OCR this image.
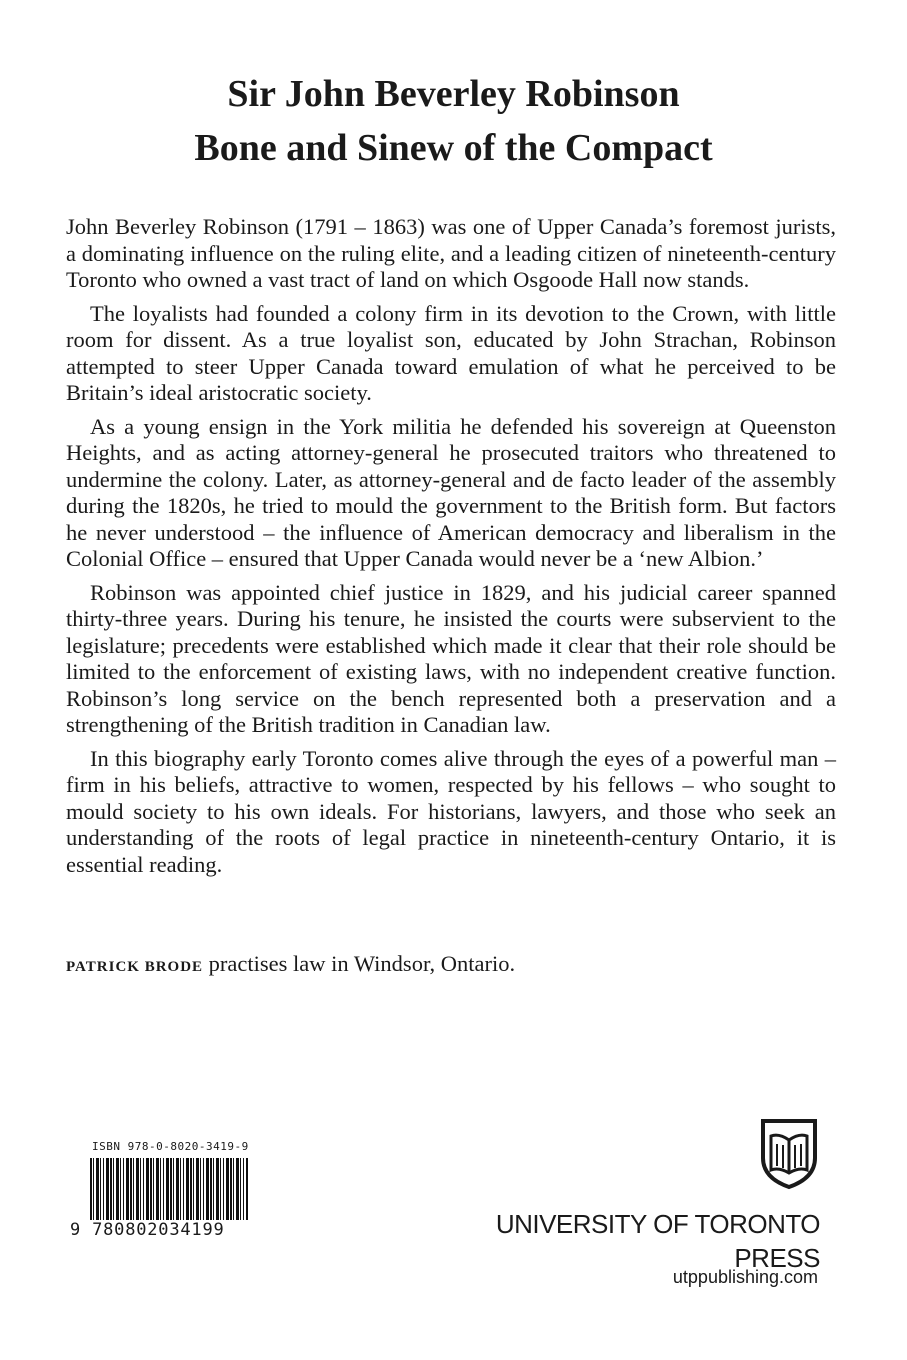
Sir John Beverley Robinson
Bone and Sinew of the Compact

John Beverley Robinson (1791 – 1863) was one of Upper Canada’s foremost jurists, a dominating influence on the ruling elite, and a leading citizen of nineteenth-century Toronto who owned a vast tract of land on which Osgoode Hall now stands.

The loyalists had founded a colony firm in its devotion to the Crown, with little room for dissent. As a true loyalist son, educated by John Strachan, Robinson attempted to steer Upper Canada toward emulation of what he perceived to be Britain’s ideal aristocratic society.

As a young ensign in the York militia he defended his sovereign at Queenston Heights, and as acting attorney-general he prosecuted traitors who threatened to undermine the colony. Later, as attorney-general and de facto leader of the assembly during the 1820s, he tried to mould the government to the British form. But factors he never understood – the influence of American democracy and liberalism in the Colonial Office – ensured that Upper Canada would never be a ‘new Albion.’

Robinson was appointed chief justice in 1829, and his judicial career spanned thirty-three years. During his tenure, he insisted the courts were subservient to the legislature; precedents were established which made it clear that their role should be limited to the enforcement of existing laws, with no independent creative function. Robinson’s long service on the bench represented both a preservation and a strengthening of the British tradition in Canadian law.

In this biography early Toronto comes alive through the eyes of a powerful man – firm in his beliefs, attractive to women, respected by his fellows – who sought to mould society to his own ideals. For historians, lawyers, and those who seek an understanding of the roots of legal practice in nineteenth-century Ontario, it is essential reading.

PATRICK BRODE practises law in Windsor, Ontario.

ISBN 978-0-8020-3419-9
9 780802034199	UNIVERSITY OF TORONTO PRESS
utppublishing.com
